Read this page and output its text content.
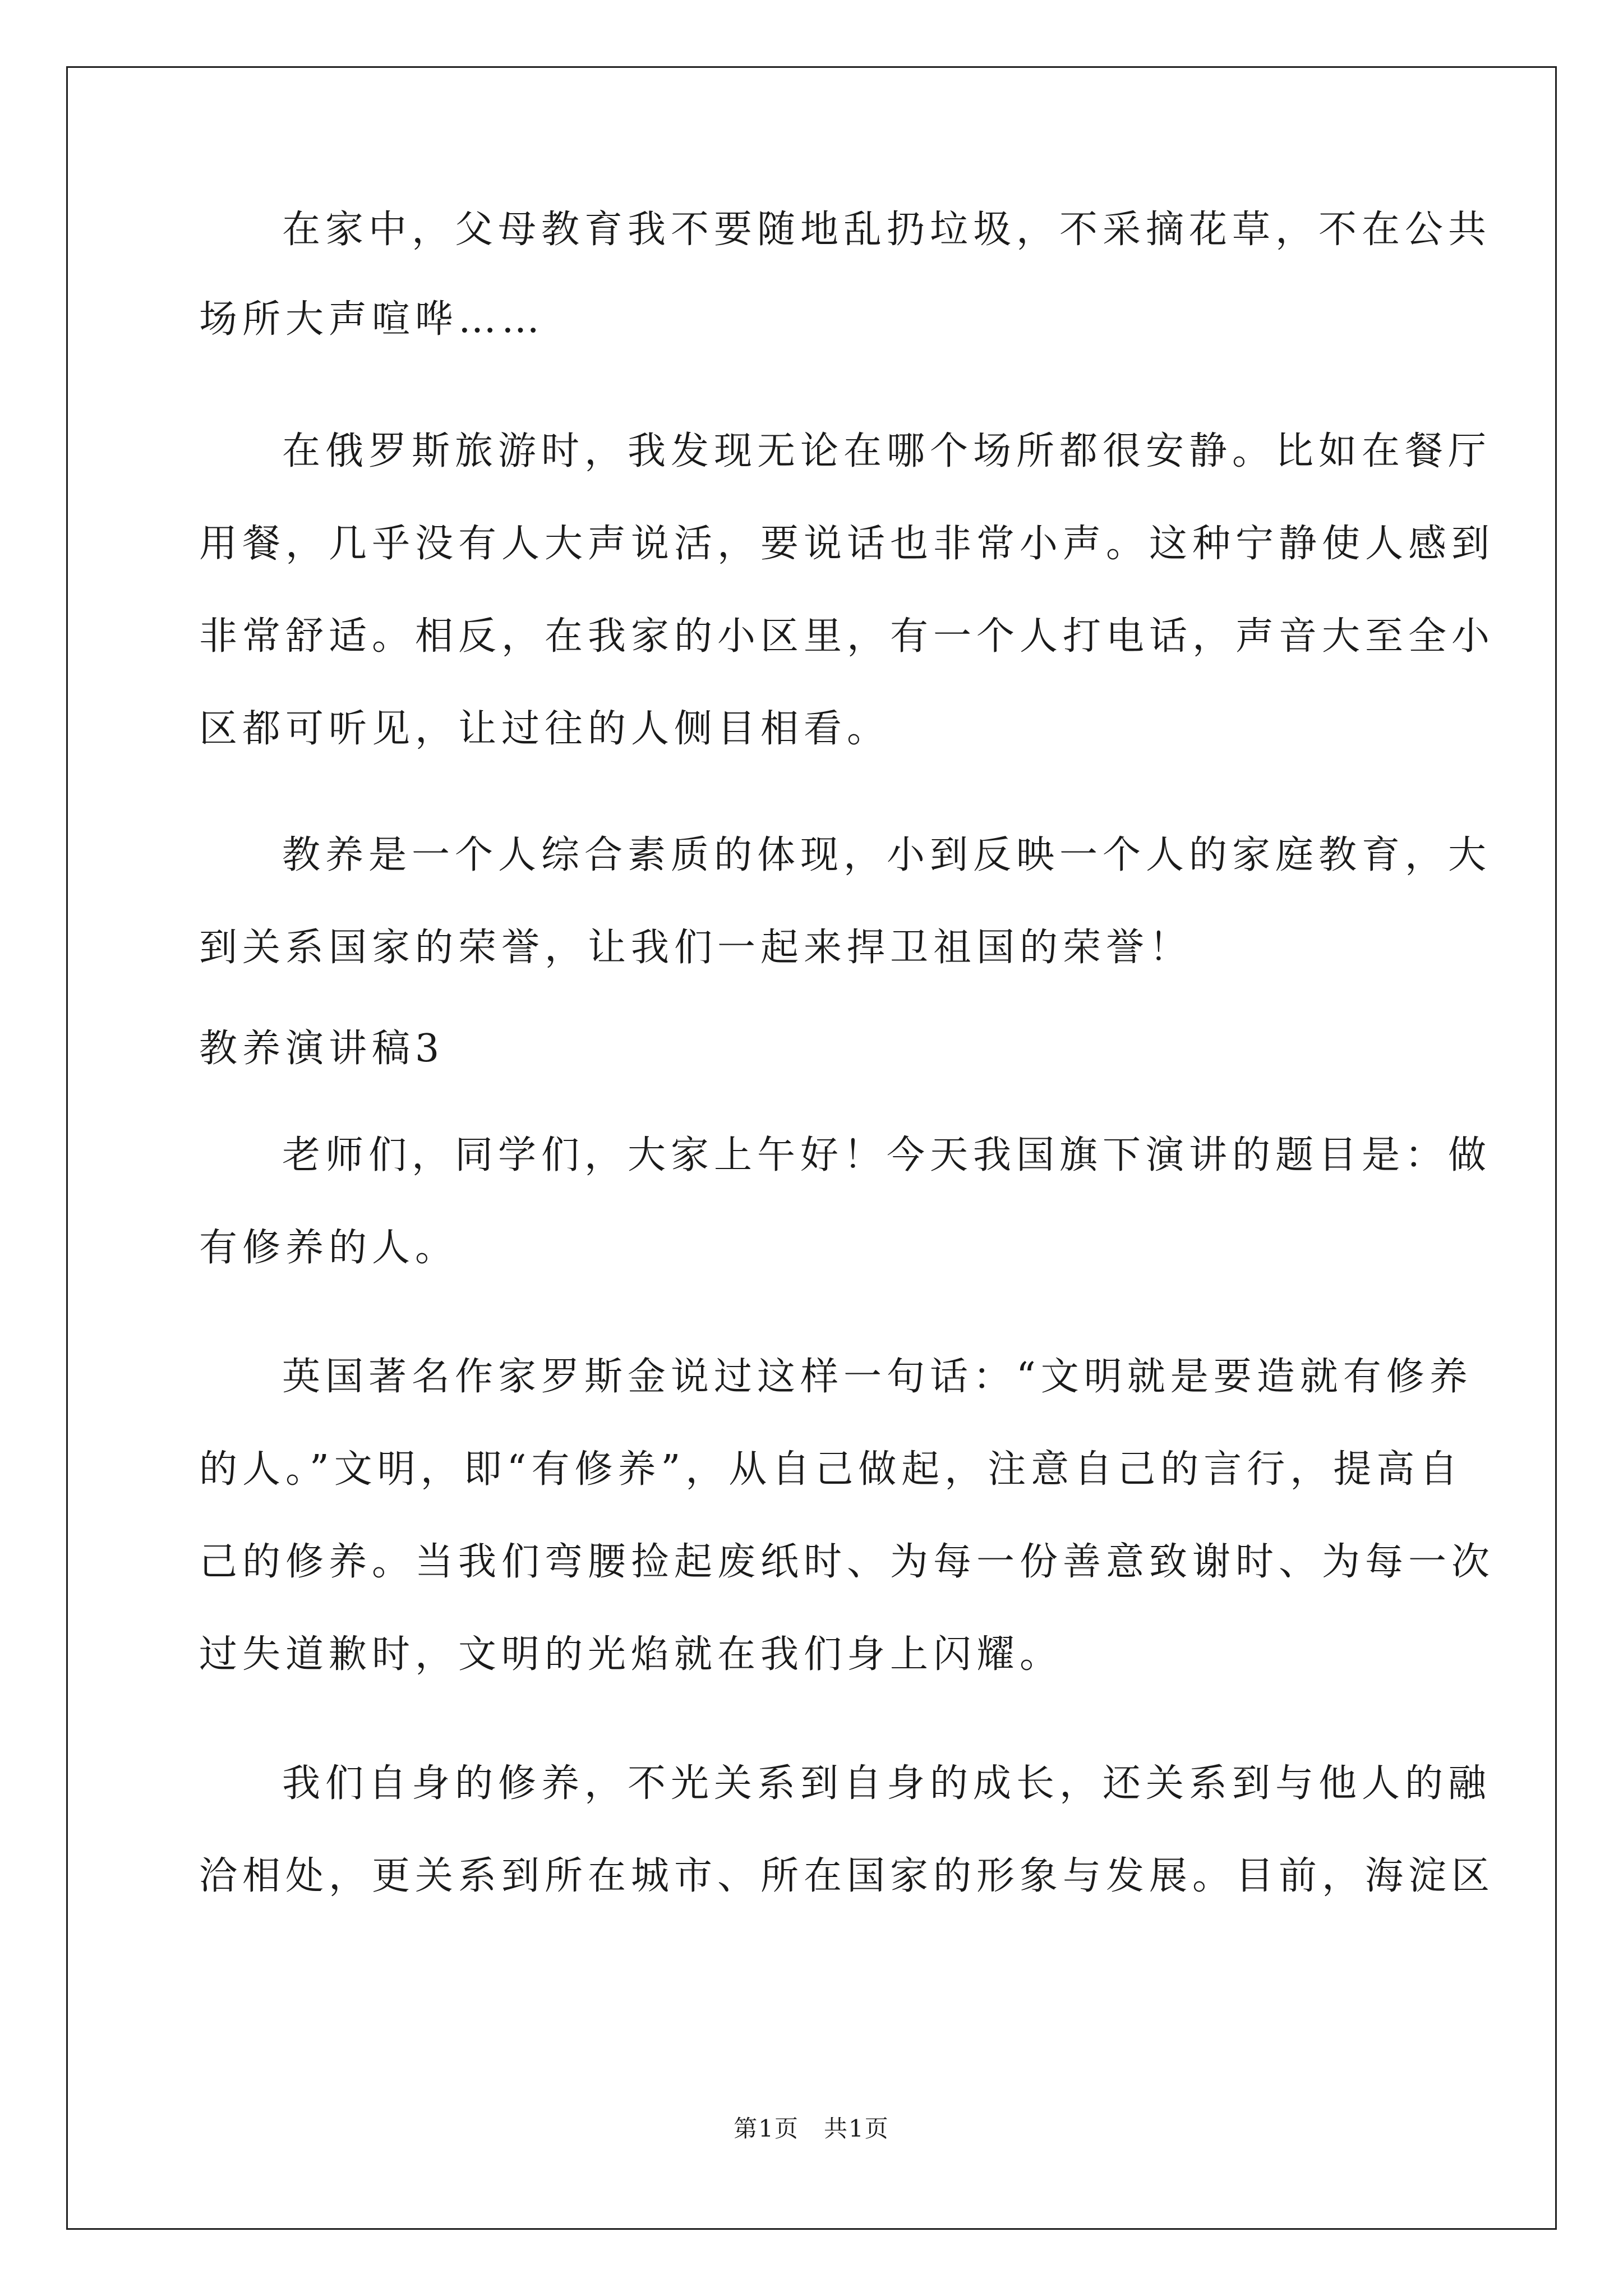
在家中，父母教育我不要随地乱扔垃圾，不采摘花草，不在公共
场所大声喧哗……
在俄罗斯旅游时，我发现无论在哪个场所都很安静。比如在餐厅
用餐，几乎没有人大声说活，要说话也非常小声。这种宁静使人感到
非常舒适。相反，在我家的小区里，有一个人打电话，声音大至全小
区都可听见，让过往的人侧目相看。
教养是一个人综合素质的体现，小到反映一个人的家庭教育，大
到关系国家的荣誉，让我们一起来捍卫祖国的荣誉！
教养演讲稿3
老师们，同学们，大家上午好！今天我国旗下演讲的题目是：做
有修养的人。
英国著名作家罗斯金说过这样一句话：“文明就是要造就有修养
的人。”文明，即“有修养”，从自己做起，注意自己的言行，提高自
己的修养。当我们弯腰捡起废纸时、为每一份善意致谢时、为每一次
过失道歉时，文明的光焰就在我们身上闪耀。
我们自身的修养，不光关系到自身的成长，还关系到与他人的融
洽相处，更关系到所在城市、所在国家的形象与发展。目前，海淀区
第1页　共1页
